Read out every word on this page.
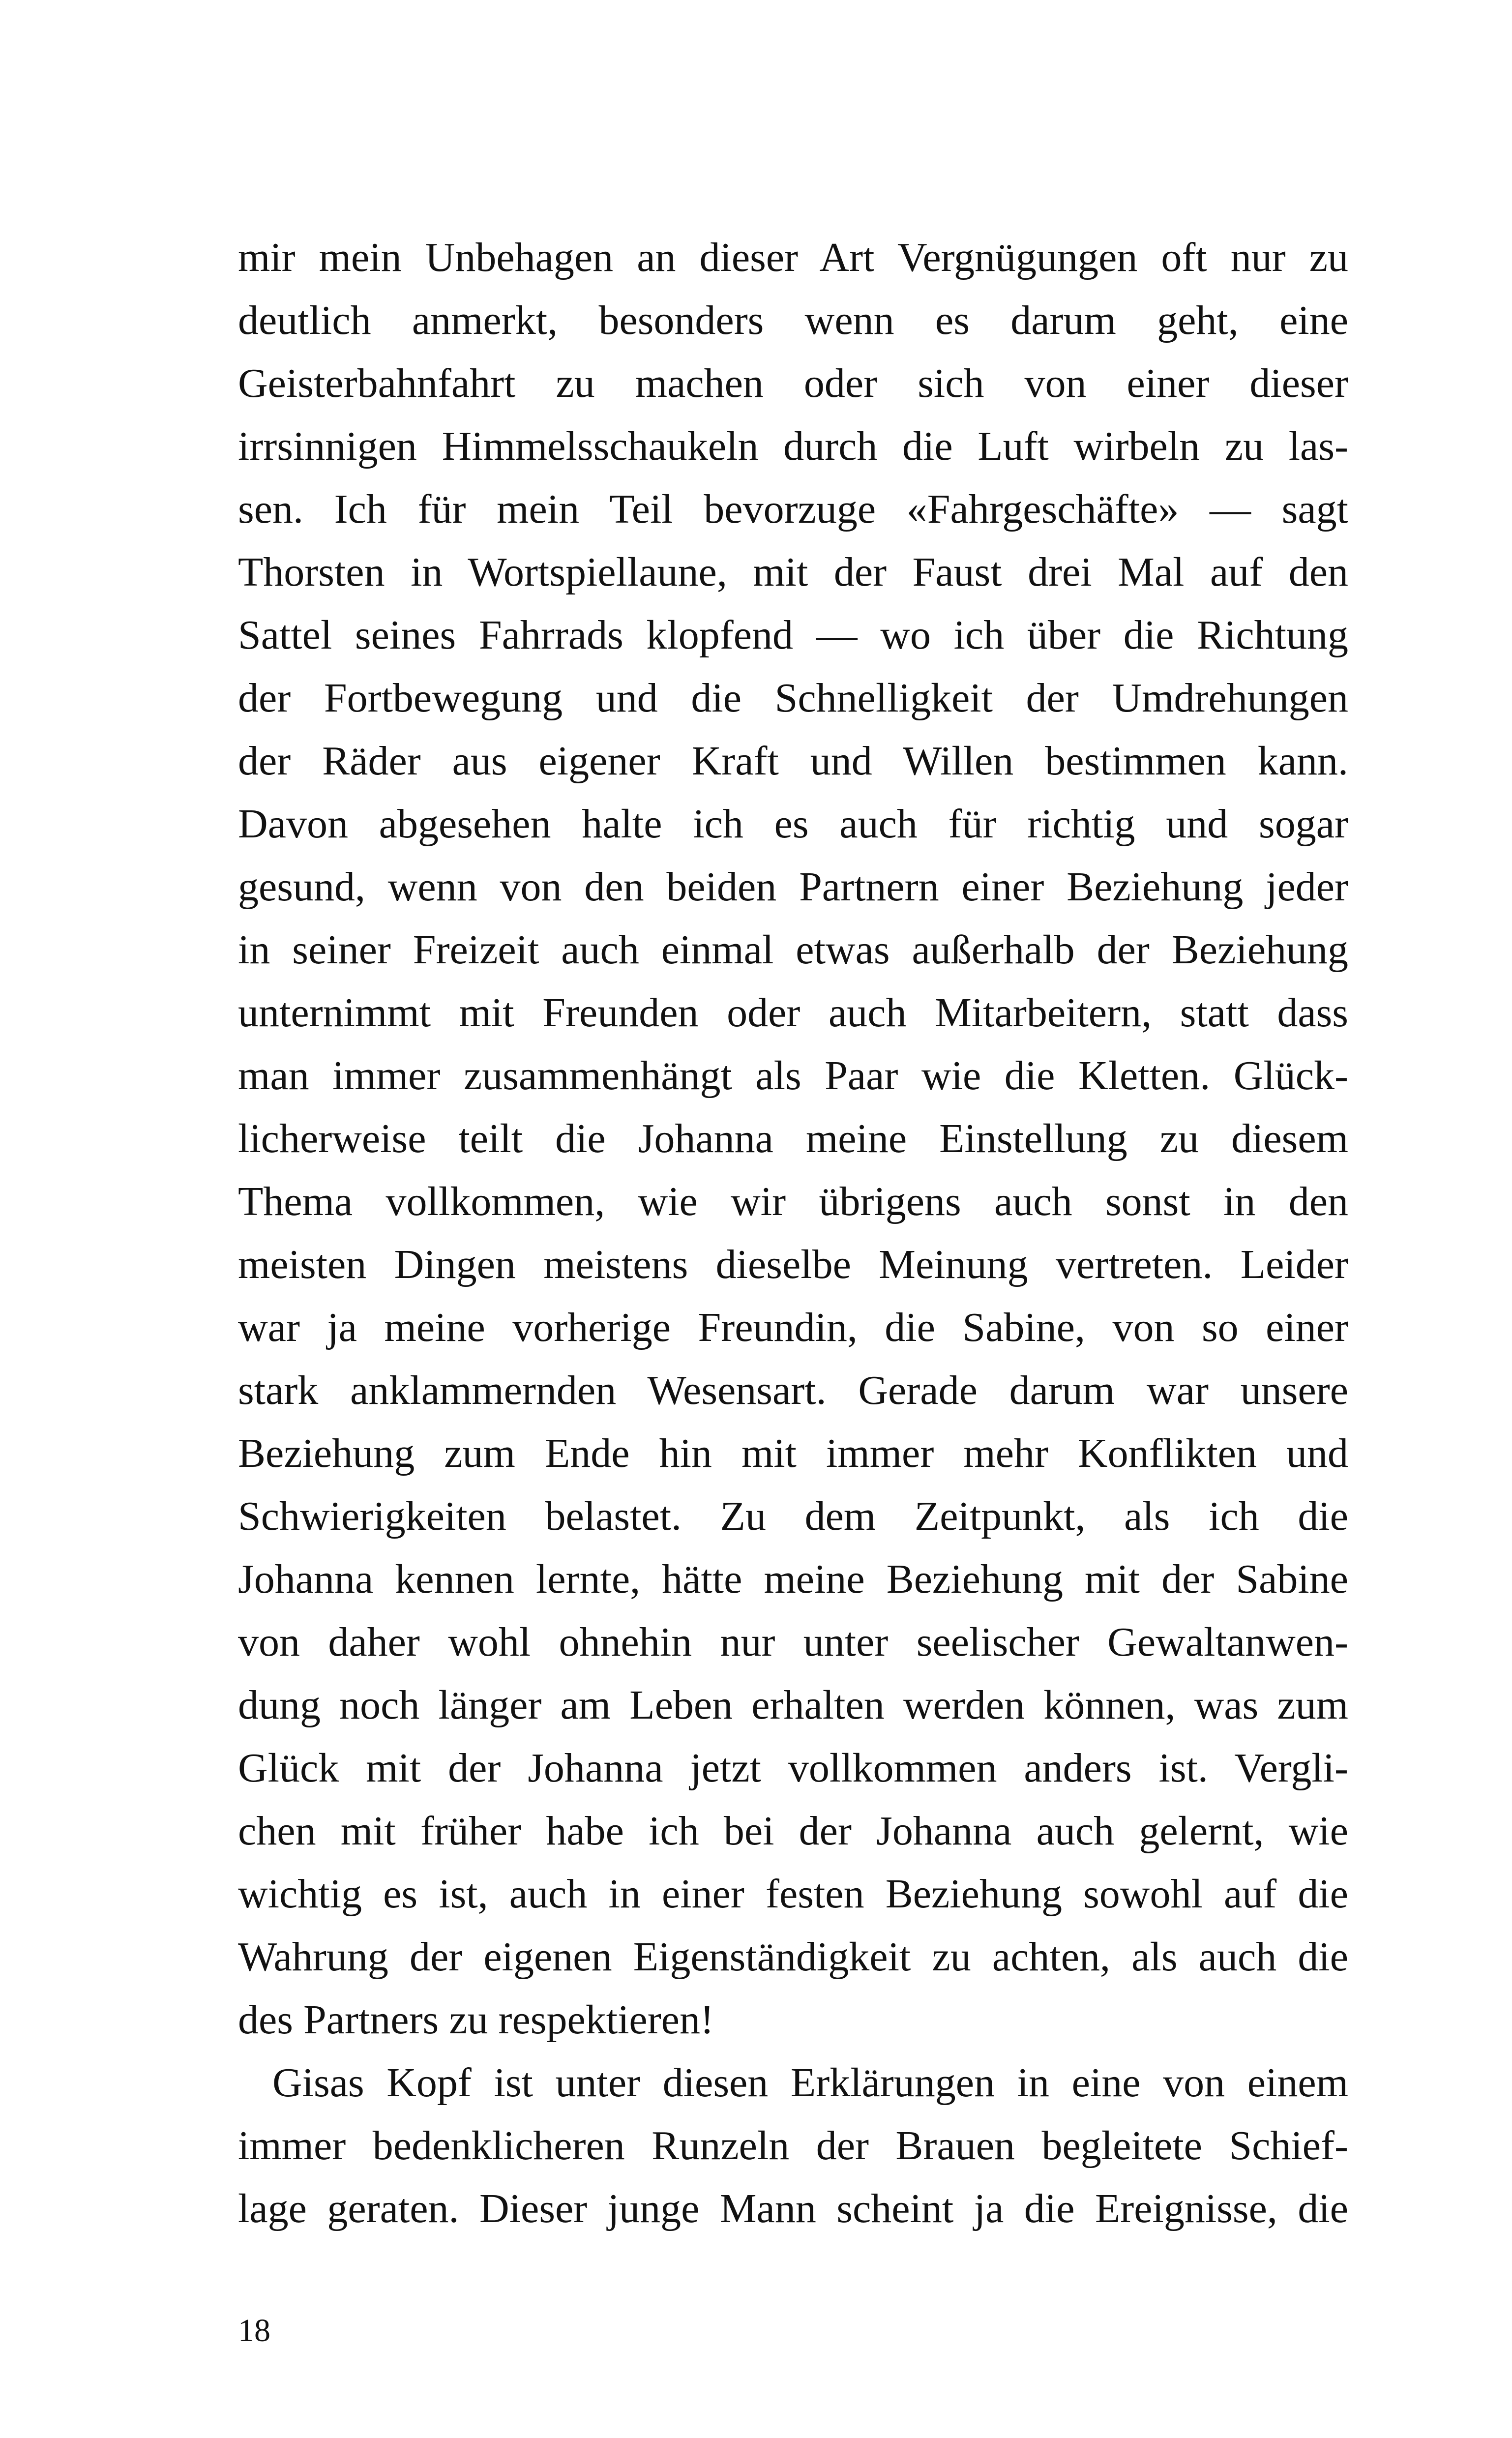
mir mein Unbehagen an dieser Art Vergnügungen oft nur zu
deutlich anmerkt, besonders wenn es darum geht, eine
Geisterbahnfahrt zu machen oder sich von einer dieser
irrsinnigen Himmelsschaukeln durch die Luft wirbeln zu las-
sen. Ich für mein Teil bevorzuge «Fahrgeschäfte» — sagt
Thorsten in Wortspiellaune, mit der Faust drei Mal auf den
Sattel seines Fahrrads klopfend — wo ich über die Richtung
der Fortbewegung und die Schnelligkeit der Umdrehungen
der Räder aus eigener Kraft und Willen bestimmen kann.
Davon abgesehen halte ich es auch für richtig und sogar
gesund, wenn von den beiden Partnern einer Beziehung jeder
in seiner Freizeit auch einmal etwas außerhalb der Beziehung
unternimmt mit Freunden oder auch Mitarbeitern, statt dass
man immer zusammenhängt als Paar wie die Kletten. Glück-
licherweise teilt die Johanna meine Einstellung zu diesem
Thema vollkommen, wie wir übrigens auch sonst in den
meisten Dingen meistens dieselbe Meinung vertreten. Leider
war ja meine vorherige Freundin, die Sabine, von so einer
stark anklammernden Wesensart. Gerade darum war unsere
Beziehung zum Ende hin mit immer mehr Konflikten und
Schwierigkeiten belastet. Zu dem Zeitpunkt, als ich die
Johanna kennen lernte, hätte meine Beziehung mit der Sabine
von daher wohl ohnehin nur unter seelischer Gewaltanwen-
dung noch länger am Leben erhalten werden können, was zum
Glück mit der Johanna jetzt vollkommen anders ist. Vergli-
chen mit früher habe ich bei der Johanna auch gelernt, wie
wichtig es ist, auch in einer festen Beziehung sowohl auf die
Wahrung der eigenen Eigenständigkeit zu achten, als auch die
des Partners zu respektieren!
Gisas Kopf ist unter diesen Erklärungen in eine von einem
immer bedenklicheren Runzeln der Brauen begleitete Schief-
lage geraten. Dieser junge Mann scheint ja die Ereignisse, die
18
